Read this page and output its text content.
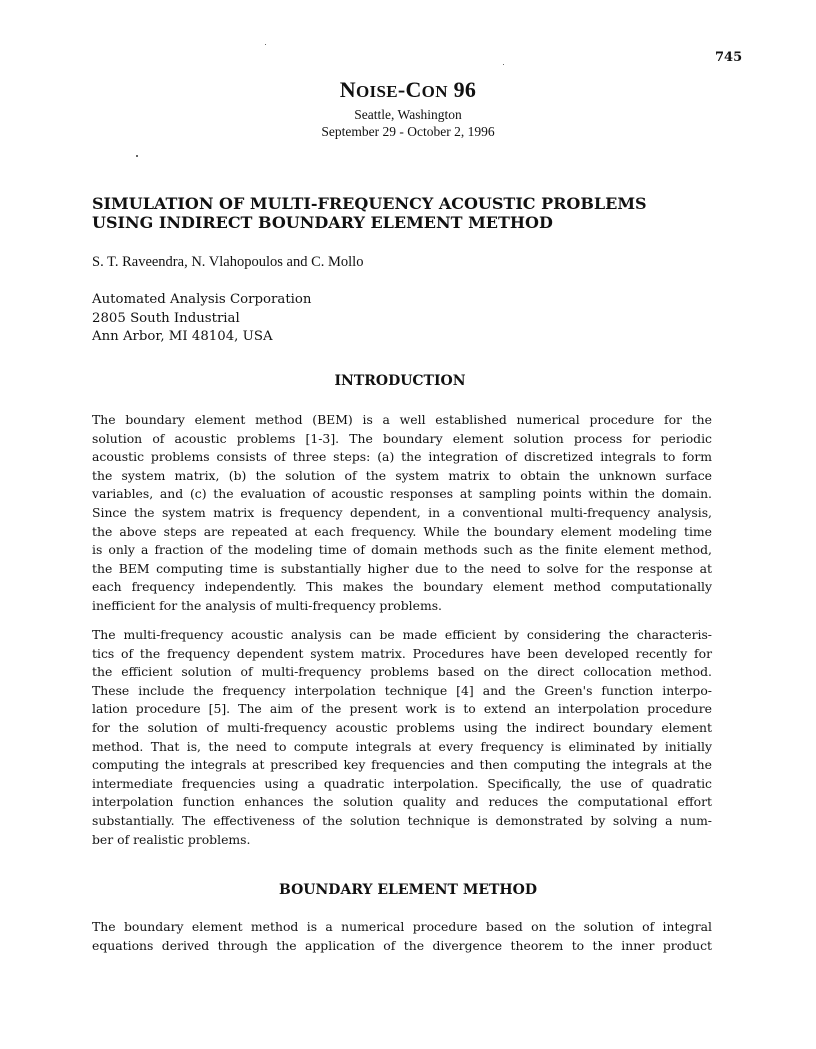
745
NOISE-CON 96
Seattle, Washington
September 29 - October 2, 1996
SIMULATION OF MULTI-FREQUENCY ACOUSTIC PROBLEMS
USING INDIRECT BOUNDARY ELEMENT METHOD
S. T. Raveendra, N. Vlahopoulos and C. Mollo
Automated Analysis Corporation
2805 South Industrial
Ann Arbor, MI 48104, USA
INTRODUCTION
The boundary element method (BEM) is a well established numerical procedure for the
solution of acoustic problems [1-3]. The boundary element solution process for periodic
acoustic problems consists of three steps: (a) the integration of discretized integrals to form
the system matrix, (b) the solution of the system matrix to obtain the unknown surface
variables, and (c) the evaluation of acoustic responses at sampling points within the domain.
Since the system matrix is frequency dependent, in a conventional multi-frequency analysis,
the above steps are repeated at each frequency. While the boundary element modeling time
is only a fraction of the modeling time of domain methods such as the finite element method,
the BEM computing time is substantially higher due to the need to solve for the response at
each frequency independently. This makes the boundary element method computationally
inefficient for the analysis of multi-frequency problems.
The multi-frequency acoustic analysis can be made efficient by considering the characteris-
tics of the frequency dependent system matrix. Procedures have been developed recently for
the efficient solution of multi-frequency problems based on the direct collocation method.
These include the frequency interpolation technique [4] and the Green's function interpo-
lation procedure [5]. The aim of the present work is to extend an interpolation procedure
for the solution of multi-frequency acoustic problems using the indirect boundary element
method. That is, the need to compute integrals at every frequency is eliminated by initially
computing the integrals at prescribed key frequencies and then computing the integrals at the
intermediate frequencies using a quadratic interpolation. Specifically, the use of quadratic
interpolation function enhances the solution quality and reduces the computational effort
substantially. The effectiveness of the solution technique is demonstrated by solving a num-
ber of realistic problems.
BOUNDARY ELEMENT METHOD
The boundary element method is a numerical procedure based on the solution of integral
equations derived through the application of the divergence theorem to the inner product
